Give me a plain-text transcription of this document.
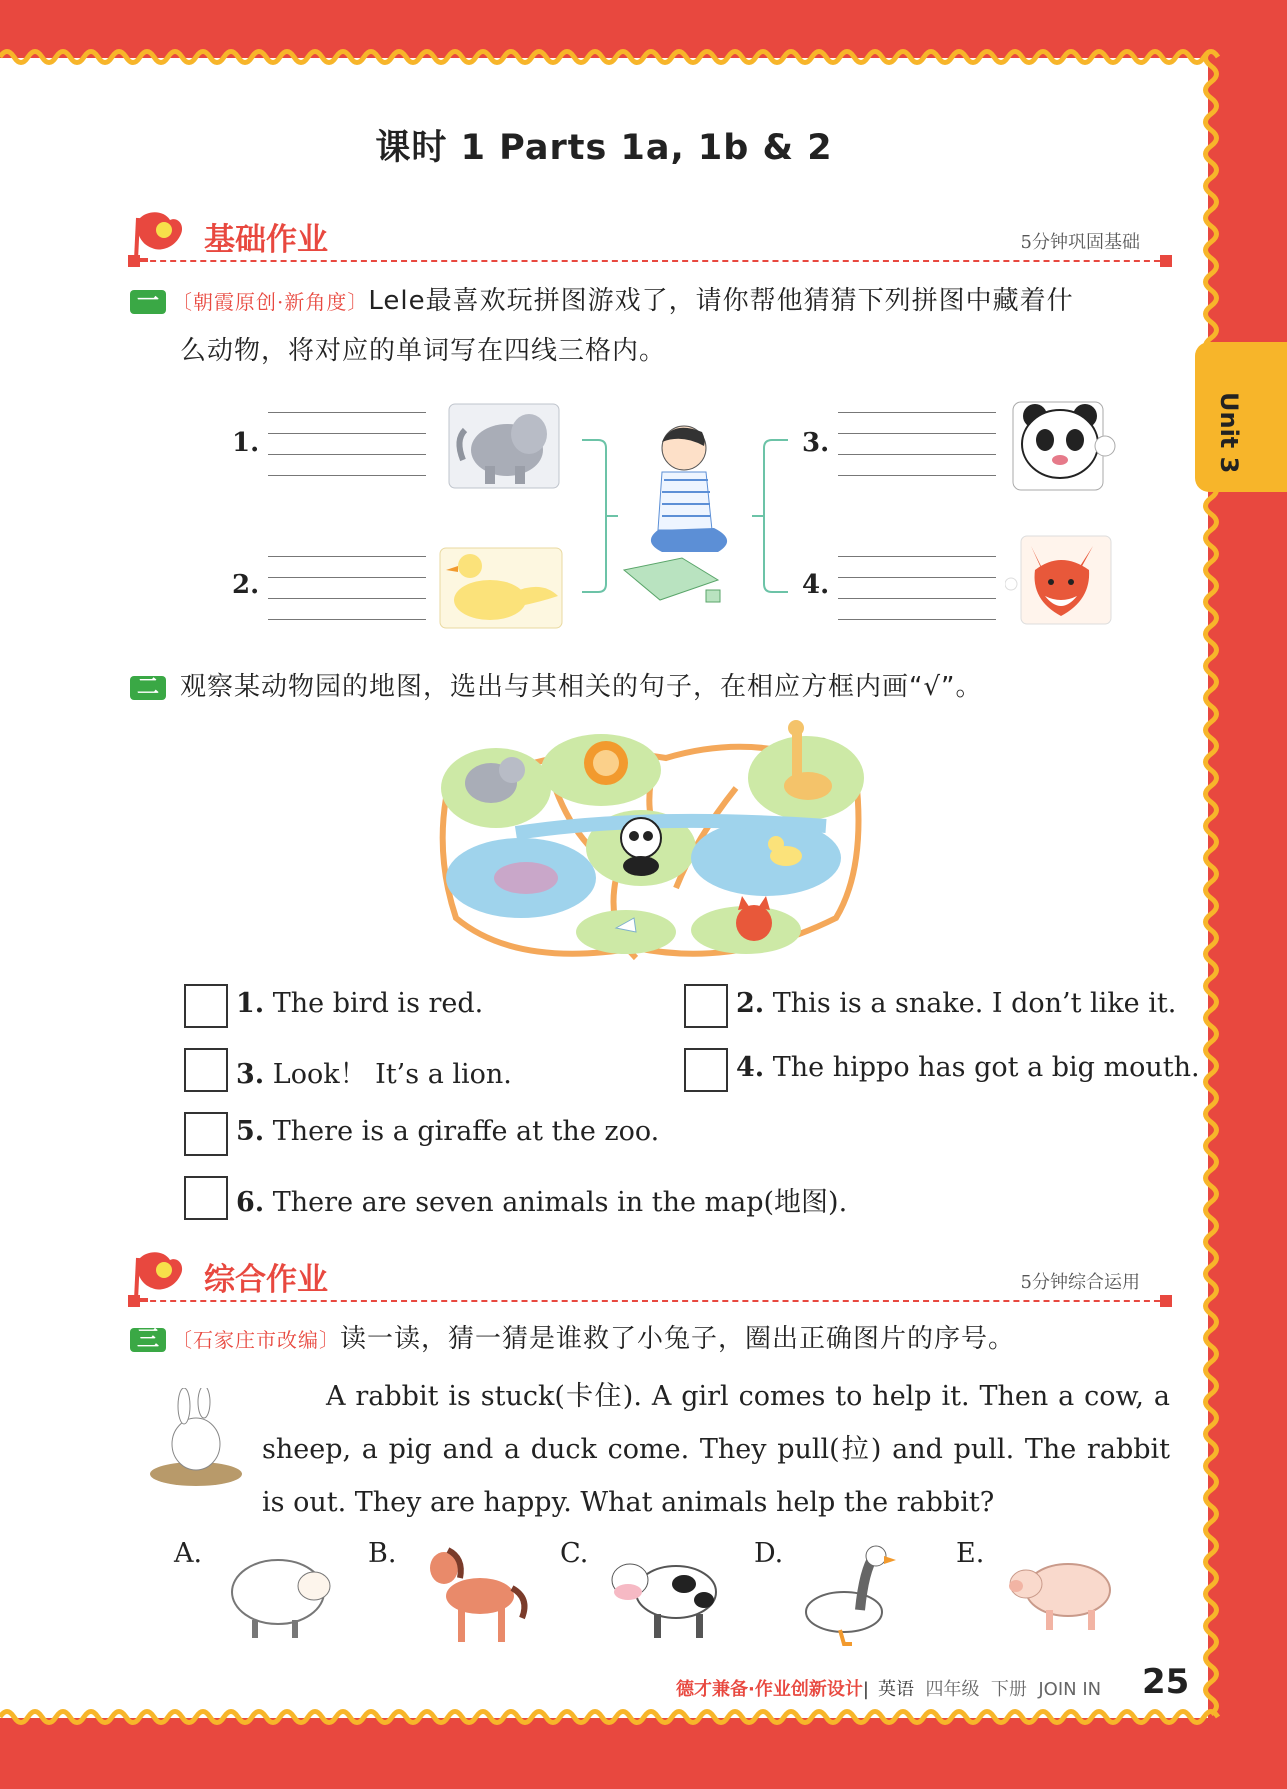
Unit 3
课时 1 Parts 1a, 1b & 2
基础作业	5分钟巩固基础
一 〔朝霞原创·新角度〕Lele最喜欢玩拼图游戏了，请你帮他猜猜下列拼图中藏着什
么动物，将对应的单词写在四线三格内。
1.
2.
3.
4.
二 观察某动物园的地图，选出与其相关的句子，在相应方框内画“√”。
1. The bird is red.	2. This is a snake. I don’t like it.
3. Look！ It’s a lion.	4. The hippo has got a big mouth.
5. There is a giraffe at the zoo.
6. There are seven animals in the map(地图).
综合作业	5分钟综合运用
三 〔石家庄市改编〕读一读，猜一猜是谁救了小兔子，圈出正确图片的序号。
A rabbit is stuck(卡住). A girl comes to help it. Then a cow, a sheep, a pig and a duck come. They pull(拉) and pull. The rabbit is out. They are happy. What animals help the rabbit?
A.	B.	C.	D.	E.
德才兼备·作业创新设计| 英语 四年级 下册 JOIN IN 25
